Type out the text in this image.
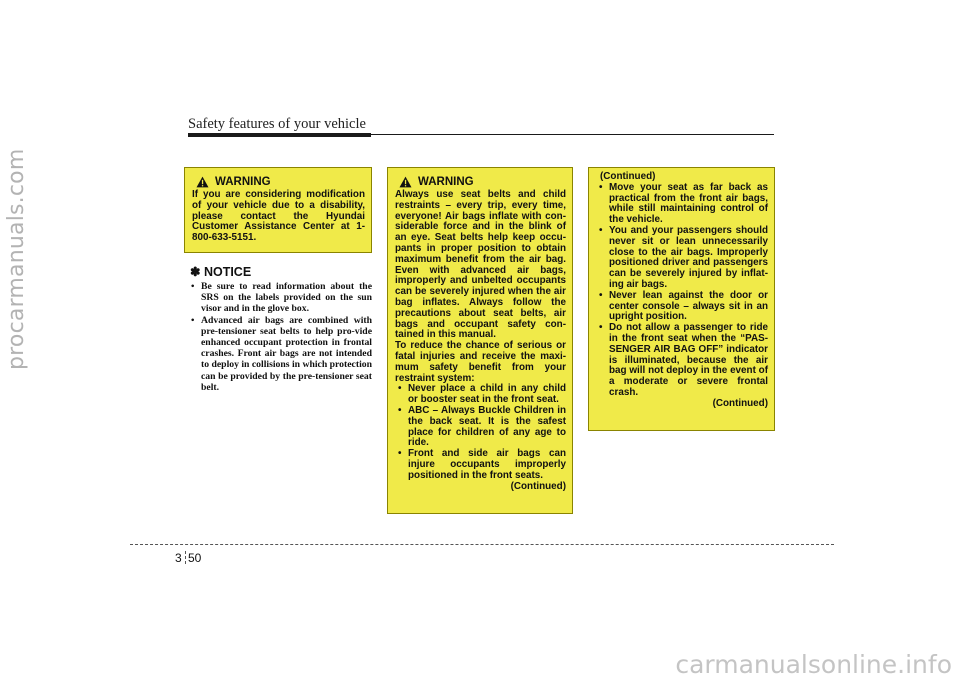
procarmanuals.com
carmanualsonline.info
Safety features of your vehicle
WARNING

If you are considering modification of your vehicle due to a disability, please contact the Hyundai Customer Assistance Center at 1-800-633-5151.

✽ NOTICE
• Be sure to read information about the SRS on the labels provided on the sun visor and in the glove box.
• Advanced air bags are combined with pre-tensioner seat belts to help pro-vide enhanced occupant protection in frontal crashes. Front air bags are not intended to deploy in collisions in which protection can be provided by the pre-tensioner seat belt.
WARNING

Always use seat belts and child restraints – every trip, every time, everyone! Air bags inflate with con-siderable force and in the blink of an eye. Seat belts help keep occu-pants in proper position to obtain maximum benefit from the air bag. Even with advanced air bags, improperly and unbelted occupants can be severely injured when the air bag inflates. Always follow the precautions about seat belts, air bags and occupant safety con-tained in this manual.

To reduce the chance of serious or fatal injuries and receive the maxi-mum safety benefit from your restraint system:

• Never place a child in any child or booster seat in the front seat.
• ABC – Always Buckle Children in the back seat. It is the safest place for children of any age to ride.
• Front and side air bags can injure occupants improperly positioned in the front seats.
(Continued)
(Continued)
• Move your seat as far back as practical from the front air bags, while still maintaining control of the vehicle.
• You and your passengers should never sit or lean unnecessarily close to the air bags. Improperly positioned driver and passengers can be severely injured by inflat-ing air bags.
• Never lean against the door or center console – always sit in an upright position.
• Do not allow a passenger to ride in the front seat when the “PAS-SENGER AIR BAG OFF” indicator is illuminated, because the air bag will not deploy in the event of a moderate or severe frontal crash.
(Continued)
3 50
